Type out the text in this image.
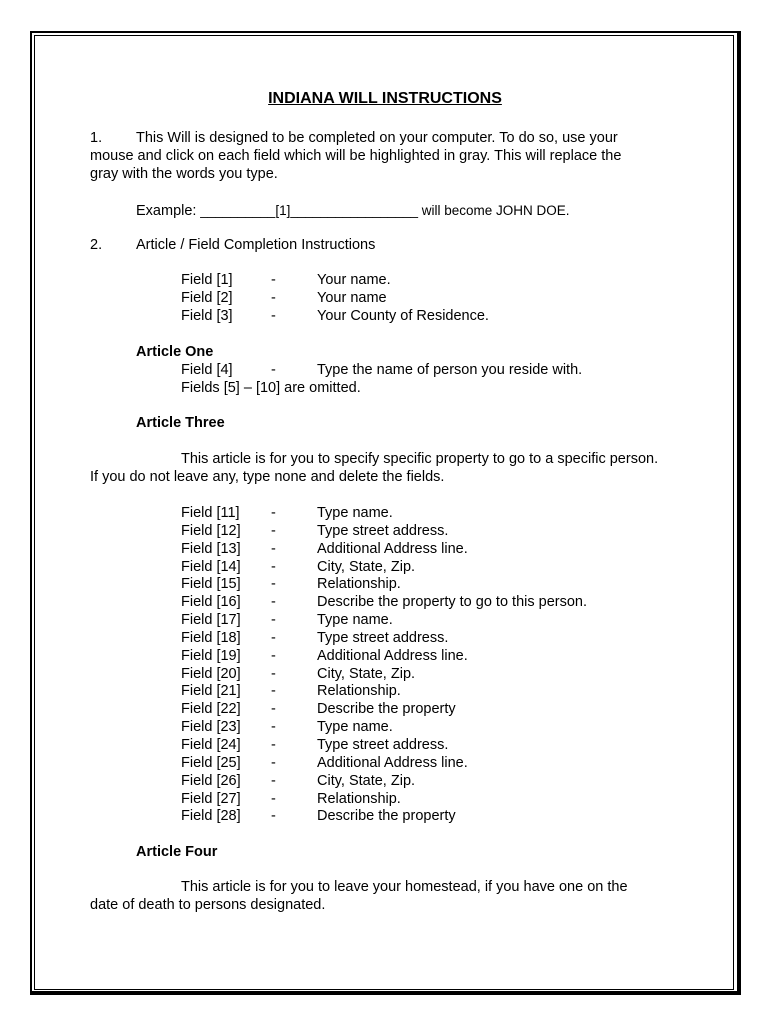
INDIANA WILL INSTRUCTIONS
1. This Will is designed to be completed on your computer. To do so, use your
mouse and click on each field which will be highlighted in gray. This will replace the
gray with the words you type.
Example: __________[1]_________________ will become JOHN DOE.
2. Article / Field Completion Instructions
Field [1]	-	Your name.
Field [2]	-	Your name
Field [3]	-	Your County of Residence.
Article One
Field [4]	-	Type the name of person you reside with.
Fields [5] – [10] are omitted.
Article Three
This article is for you to specify specific property to go to a specific person.
If you do not leave any, type none and delete the fields.
Field [11] -	Type name.
Field [12] -	Type street address.
Field [13] -	Additional Address line.
Field [14] -	City, State, Zip.
Field [15] -	Relationship.
Field [16] -	Describe the property to go to this person.
Field [17] -	Type name.
Field [18] -	Type street address.
Field [19] -	Additional Address line.
Field [20] -	City, State, Zip.
Field [21] -	Relationship.
Field [22] -	Describe the property
Field [23] -	Type name.
Field [24] -	Type street address.
Field [25] -	Additional Address line.
Field [26] -	City, State, Zip.
Field [27] -	Relationship.
Field [28] -	Describe the property
Article Four
This article is for you to leave your homestead, if you have one on the
date of death to persons designated.
